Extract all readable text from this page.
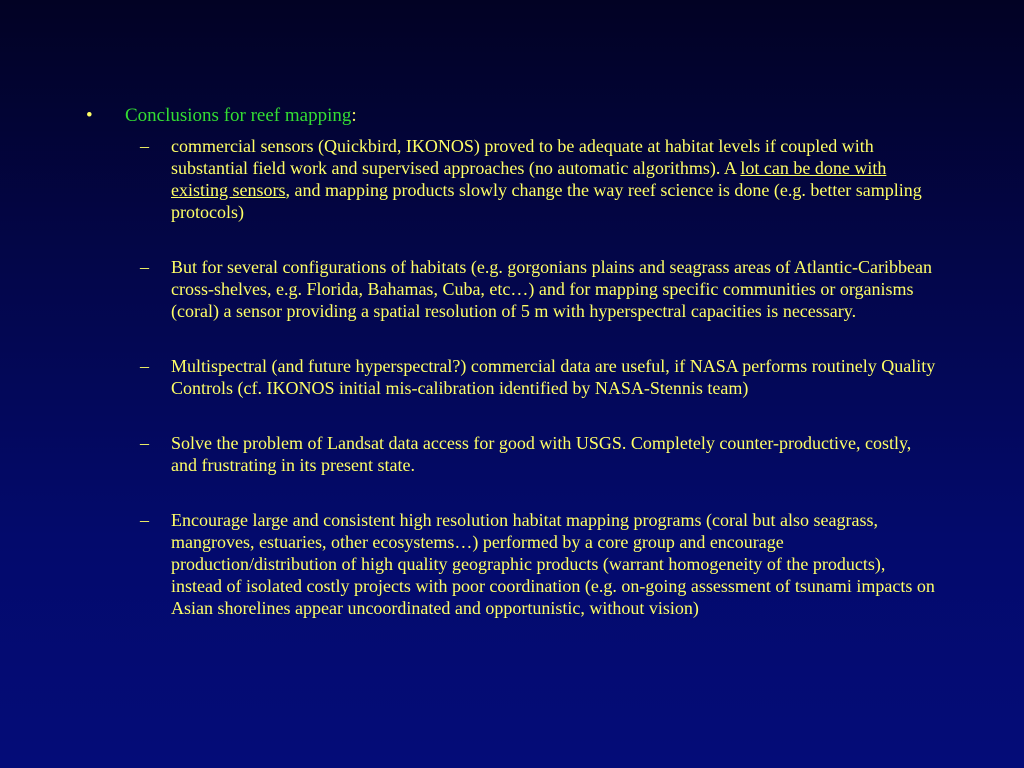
• Conclusions for reef mapping:
– commercial sensors (Quickbird, IKONOS) proved to be adequate at habitat levels if coupled with substantial field work and supervised approaches (no automatic algorithms). A lot can be done with existing sensors, and mapping products slowly change the way reef science is done (e.g. better sampling protocols)
– But for several configurations of habitats (e.g. gorgonians plains and seagrass areas of Atlantic-Caribbean cross-shelves, e.g. Florida, Bahamas, Cuba, etc…) and for mapping specific communities or organisms (coral) a sensor providing a spatial resolution of 5 m with hyperspectral capacities is necessary.
– Multispectral (and future hyperspectral?) commercial data are useful, if NASA performs routinely Quality Controls (cf. IKONOS initial mis-calibration identified by NASA-Stennis team)
– Solve the problem of Landsat data access for good with USGS. Completely counter-productive, costly, and frustrating in its present state.
– Encourage large and consistent high resolution habitat mapping programs (coral but also seagrass, mangroves, estuaries, other ecosystems…) performed by a core group and encourage production/distribution of high quality geographic products (warrant homogeneity of the products), instead of isolated costly projects with poor coordination (e.g. on-going assessment of tsunami impacts on Asian shorelines appear uncoordinated and opportunistic, without vision)
